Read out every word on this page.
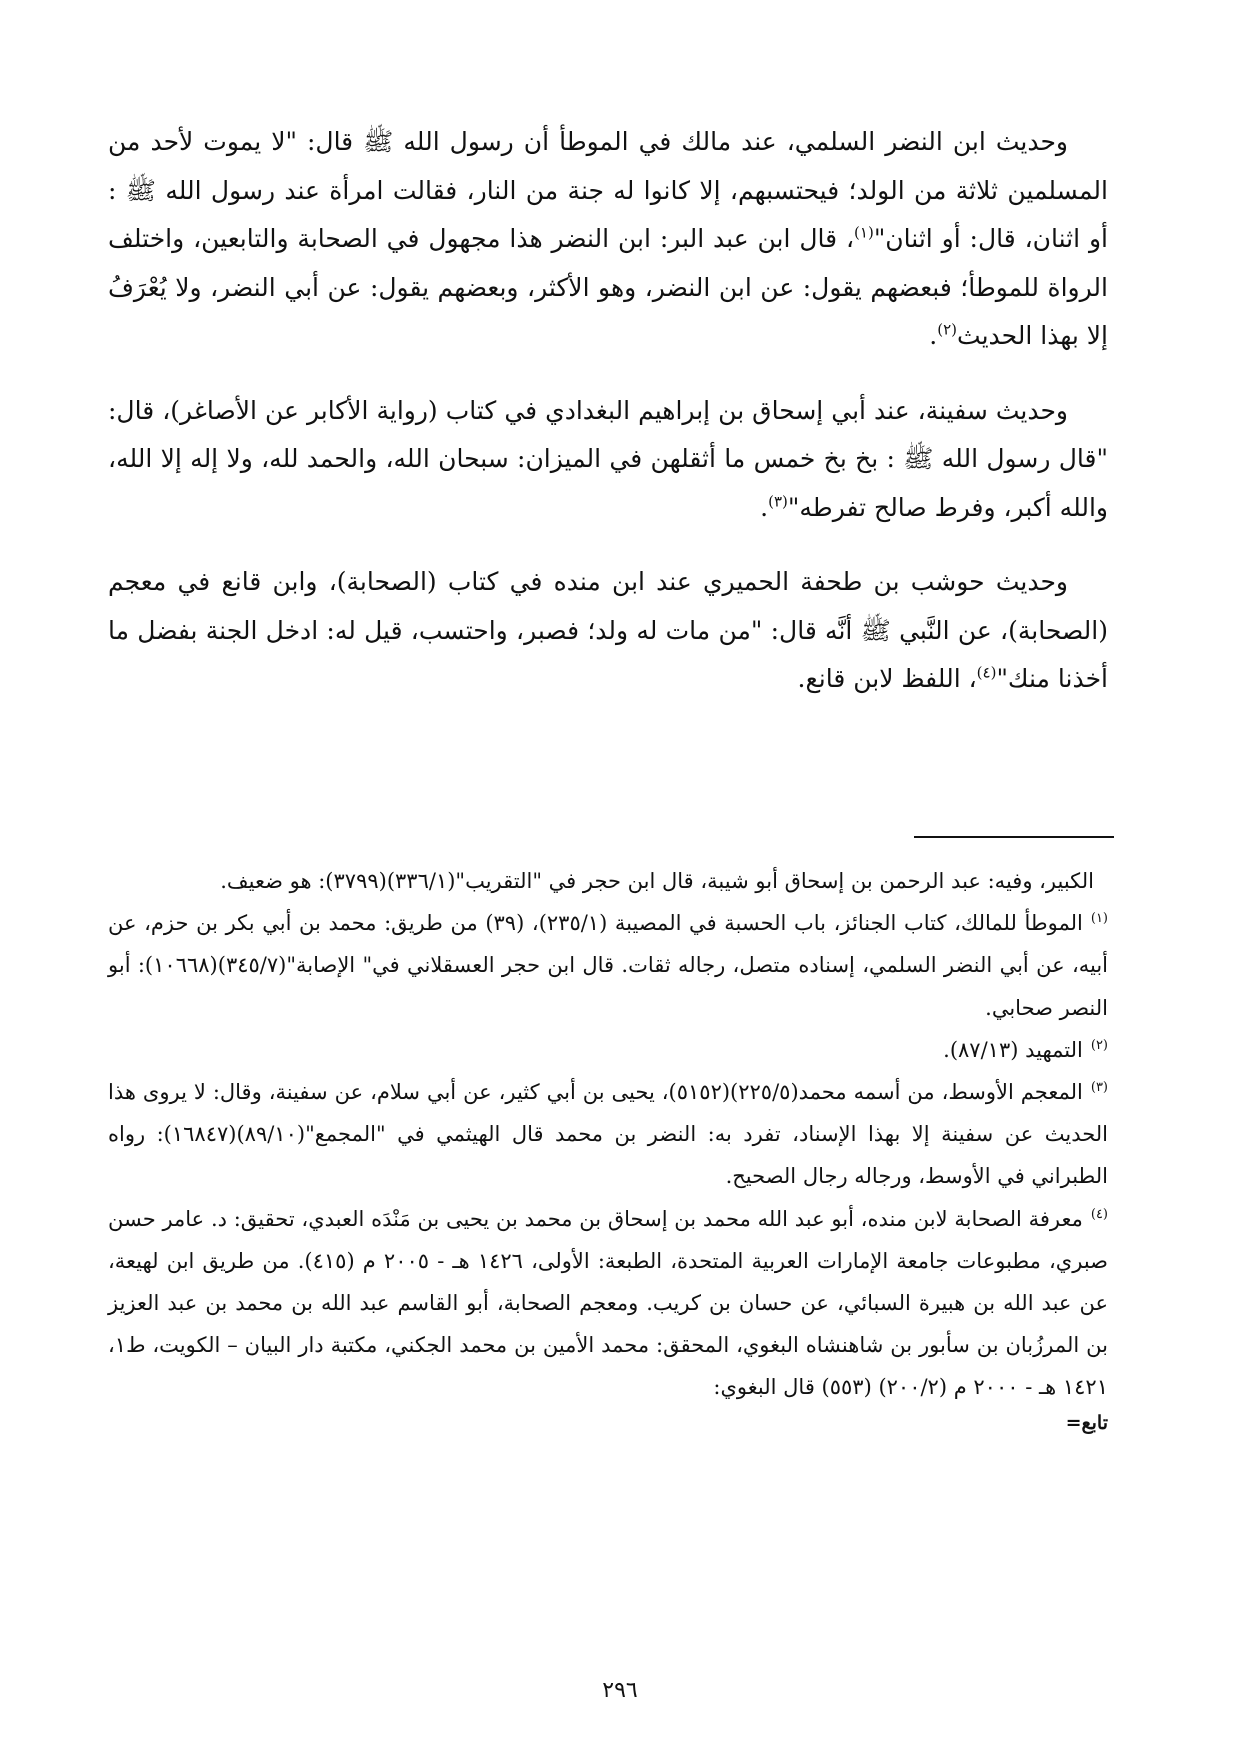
وحديث ابن النضر السلمي، عند مالك في الموطأ أن رسول الله ﷺ قال: "لا يموت لأحد من المسلمين ثلاثة من الولد؛ فيحتسبهم، إلا كانوا له جنة من النار، فقالت امرأة عند رسول الله ﷺ : أو اثنان، قال: أو اثنان"$^{(١)}$، قال ابن عبد البر: ابن النضر هذا مجهول في الصحابة والتابعين، واختلف الرواة للموطأ؛ فبعضهم يقول: عن ابن النضر، وهو الأكثر، وبعضهم يقول: عن أبي النضر، ولا يُعْرَفُ إلا بهذا الحديث$^{(٢)}$.

وحديث سفينة، عند أبي إسحاق بن إبراهيم البغدادي في كتاب (رواية الأكابر عن الأصاغر)، قال: "قال رسول الله ﷺ : بخ بخ خمس ما أثقلهن في الميزان: سبحان الله، والحمد لله، ولا إله إلا الله، والله أكبر، وفرط صالح تفرطه"$^{(٣)}$.

وحديث حوشب بن طحفة الحميري عند ابن منده في كتاب (الصحابة)، وابن قانع في معجم (الصحابة)، عن النَّبي ﷺ أنَّه قال: "من مات له ولد؛ فصبر، واحتسب، قيل له: ادخل الجنة بفضل ما أخذنا منك"$^{(٤)}$، اللفظ لابن قانع.

الكبير، وفيه: عبد الرحمن بن إسحاق أبو شيبة، قال ابن حجر في "التقريب"(٣٣٦/١)(٣٧٩٩): هو ضعيف.

$^{(١)}$الموطأ للمالك، كتاب الجنائز، باب الحسبة في المصيبة (٢٣٥/١)، (٣٩) من طريق: محمد بن أبي بكر بن حزم، عن أبيه، عن أبي النضر السلمي، إسناده متصل، رجاله ثقات. قال ابن حجر العسقلاني في" الإصابة"(٣٤٥/٧)(١٠٦٦٨): أبو النصر صحابي.

$^{(٢)}$التمهيد (٨٧/١٣).

$^{(٣)}$المعجم الأوسط، من أسمه محمد(٢٢٥/٥)(٥١٥٢)، يحيى بن أبي كثير، عن أبي سلام، عن سفينة، وقال: لا يروى هذا الحديث عن سفينة إلا بهذا الإسناد، تفرد به: النضر بن محمد قال الهيثمي في "المجمع"(٨٩/١٠)(١٦٨٤٧): رواه الطبراني في الأوسط، ورجاله رجال الصحيح.

$^{(٤)}$معرفة الصحابة لابن منده، أبو عبد الله محمد بن إسحاق بن محمد بن يحيى بن مَنْدَه العبدي، تحقيق: د. عامر حسن صبري، مطبوعات جامعة الإمارات العربية المتحدة، الطبعة: الأولى، ١٤٢٦ هـ - ٢٠٠٥ م (٤١٥). من طريق ابن لهيعة، عن عبد الله بن هبيرة السبائي، عن حسان بن كريب. ومعجم الصحابة، أبو القاسم عبد الله بن محمد بن عبد العزيز بن المرزُبان بن سأبور بن شاهنشاه البغوي، المحقق: محمد الأمين بن محمد الجكني، مكتبة دار البيان – الكويت، ط١، ١٤٢١ هـ - ٢٠٠٠ م (٢٠٠/٢) (٥٥٣) قال البغوي:

تابع=

٢٩٦
